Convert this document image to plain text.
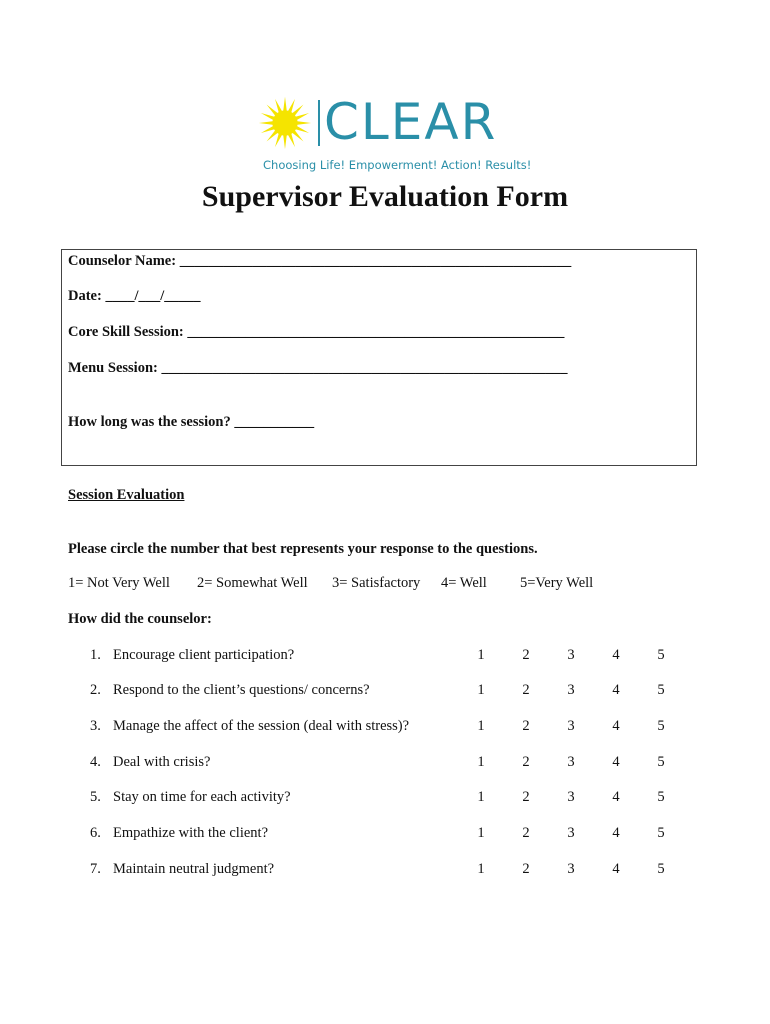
CLEAR
Choosing Life! Empowerment! Action! Results!
Supervisor Evaluation Form
Counselor Name: ______________________________________________________
Date: ____/___/_____
Core Skill Session: ____________________________________________________
Menu Session: ________________________________________________________
How long was the session? ___________
Session Evaluation
Please circle the number that best represents your response to the questions.
1= Not Very Well 2= Somewhat Well 3= Satisfactory 4= Well 5=Very Well
How did the counselor:
1. Encourage client participation?	1	2	3	4	5
2. Respond to the client’s questions/ concerns?	1	2	3	4	5
3. Manage the affect of the session (deal with stress)?	1	2	3	4	5
4. Deal with crisis?	1	2	3	4	5
5. Stay on time for each activity?	1	2	3	4	5
6. Empathize with the client?	1	2	3	4	5
7. Maintain neutral judgment?	1	2	3	4	5
